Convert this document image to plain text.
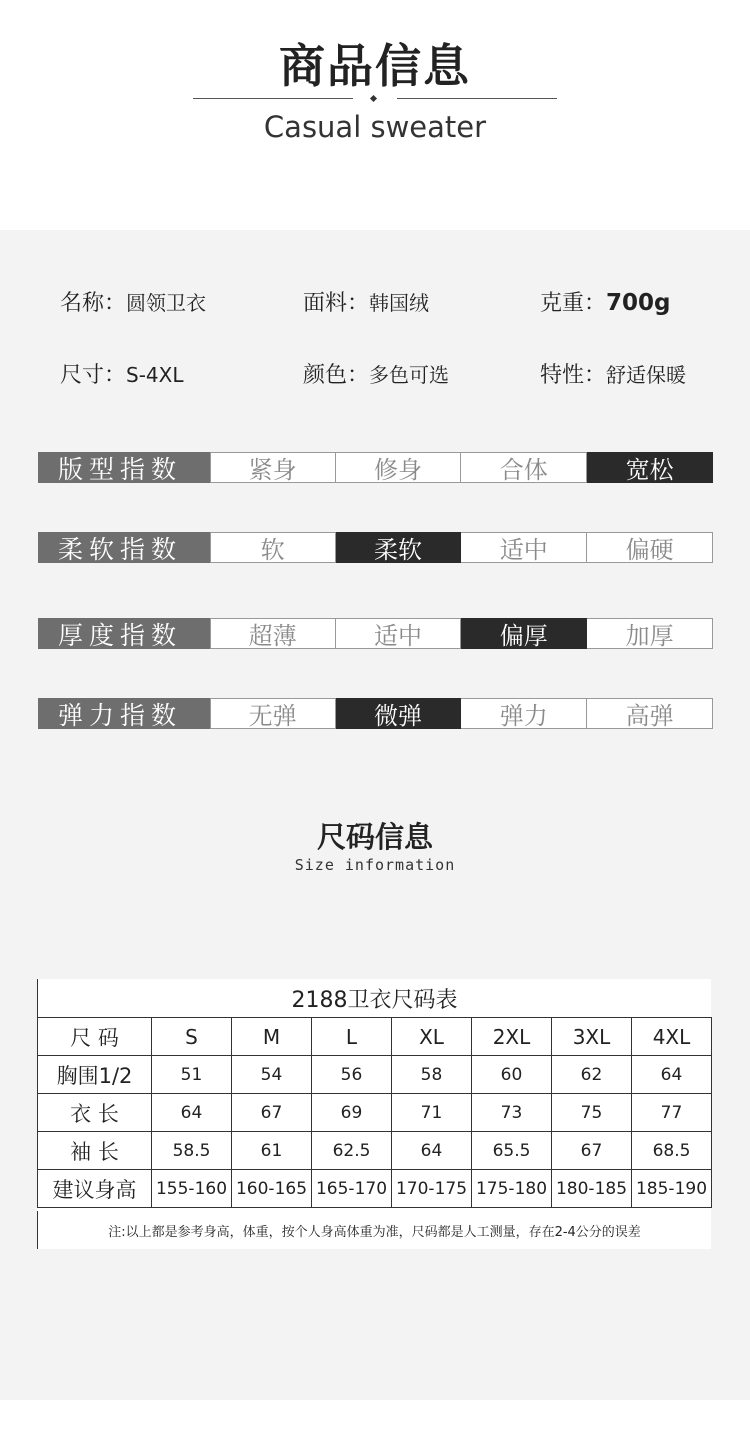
商品信息
Casual sweater
名称：圆领卫衣	面料：韩国绒	克重：700g
尺寸：S-4XL	颜色：多色可选	特性：舒适保暖
版型指数	紧身	修身	合体	宽松
柔软指数	软	柔软	适中	偏硬
厚度指数	超薄	适中	偏厚	加厚
弹力指数	无弹	微弹	弹力	高弹
尺码信息
Size information
2188卫衣尺码表
尺 码	S	M	L	XL	2XL	3XL	4XL
胸围1/2	51	54	56	58	60	62	64
衣 长	64	67	69	71	73	75	77
袖 长	58.5	61	62.5	64	65.5	67	68.5
建议身高	155-160	160-165	165-170	170-175	175-180	180-185	185-190
注:以上都是参考身高，体重，按个人身高体重为准，尺码都是人工测量，存在2-4公分的误差
